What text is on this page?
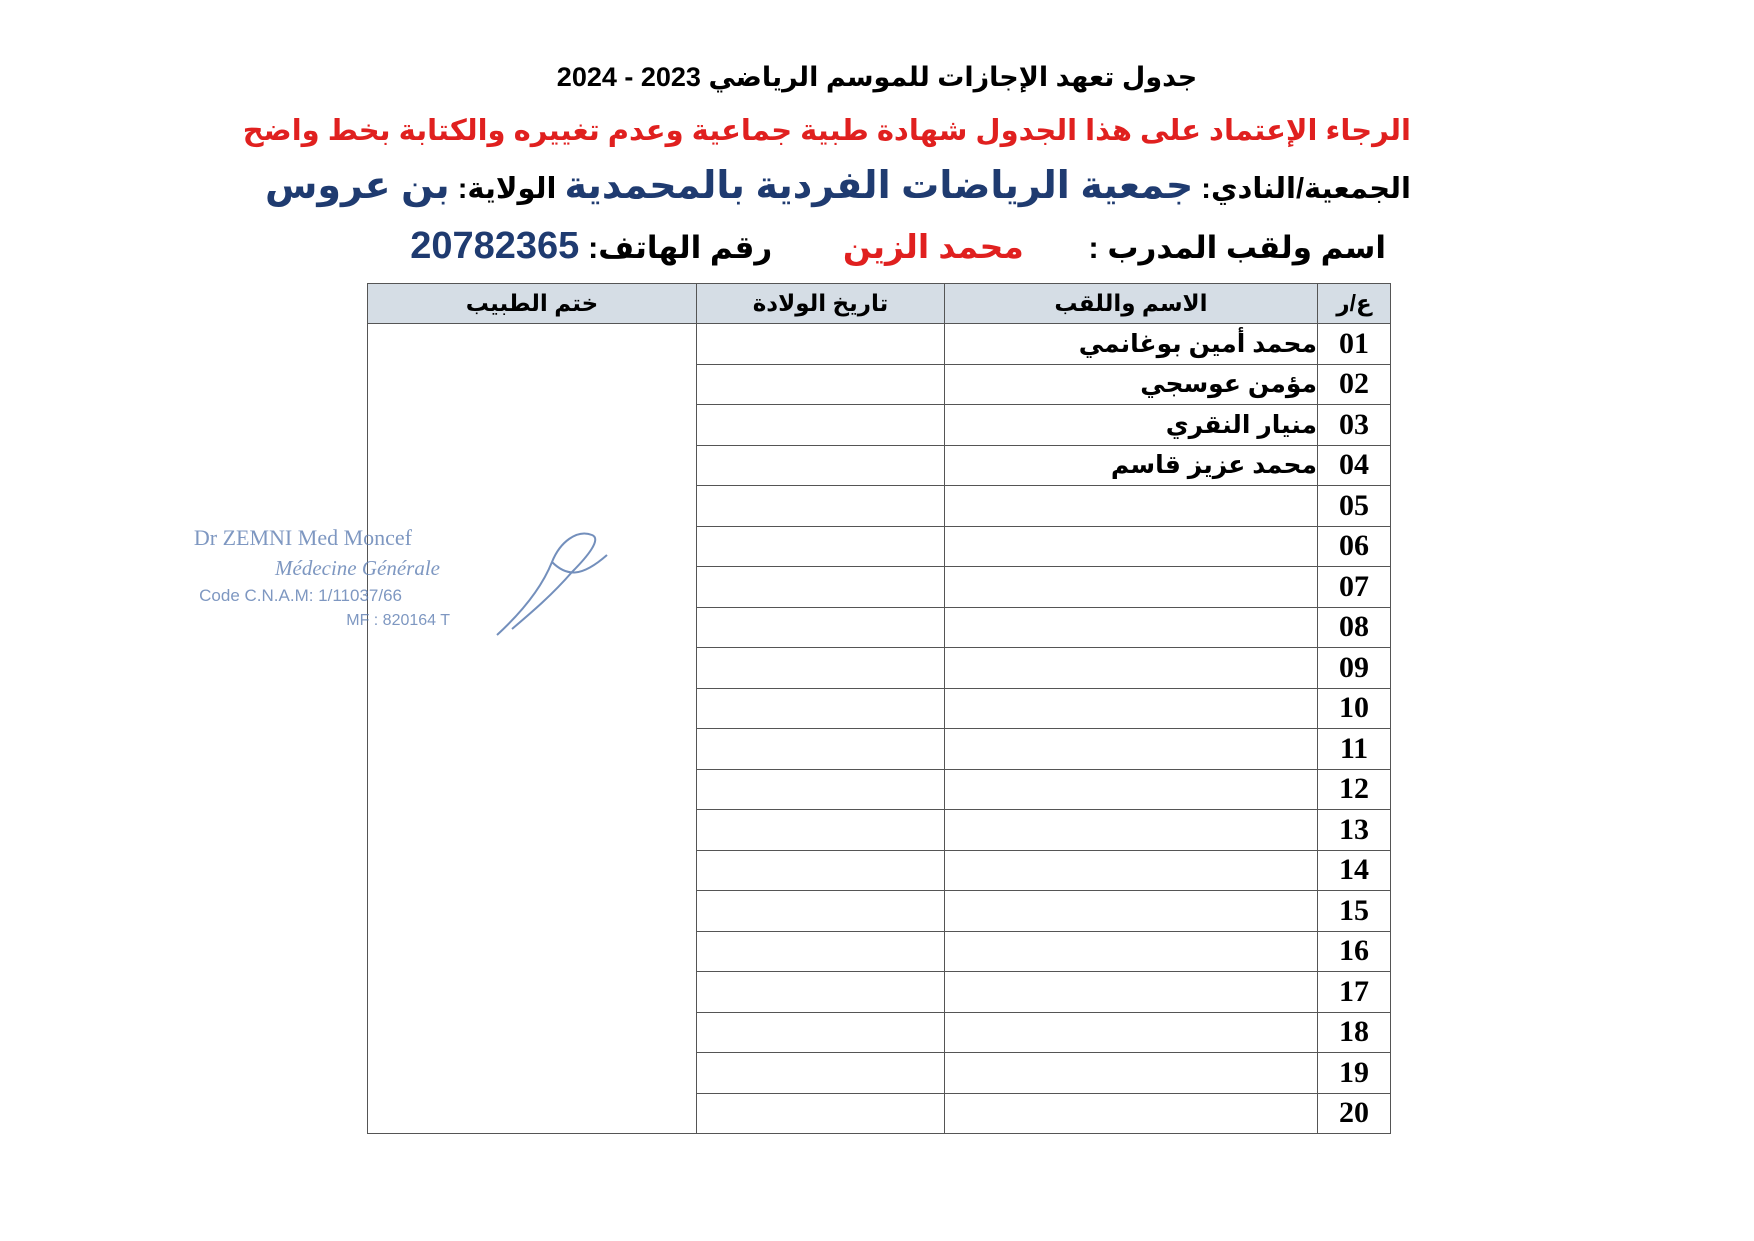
جدول تعهد الإجازات للموسم الرياضي 2023 - 2024
الرجاء الإعتماد على هذا الجدول شهادة طبية جماعية وعدم تغييره والكتابة بخط واضح
الجمعية/النادي: جمعية الرياضات الفردية بالمحمدية الولاية: بن عروس
اسم ولقب المدرب : محمد الزين رقم الهاتف: 20782365
ع/ر	الاسم واللقب	تاريخ الولادة	ختم الطبيب
01	محمد أمين بوغانمي		Dr ZEMNI Med Moncef
Médecine Générale
Code C.N.A.M: 1/11037/66
MF : 820164 T

02	مؤمن عوسجي		
03	منيار النقري		
04	محمد عزيز قاسم		
05			
06			
07			
08			
09			
10			
11			
12			
13			
14			
15			
16			
17			
18			
19			
20			
